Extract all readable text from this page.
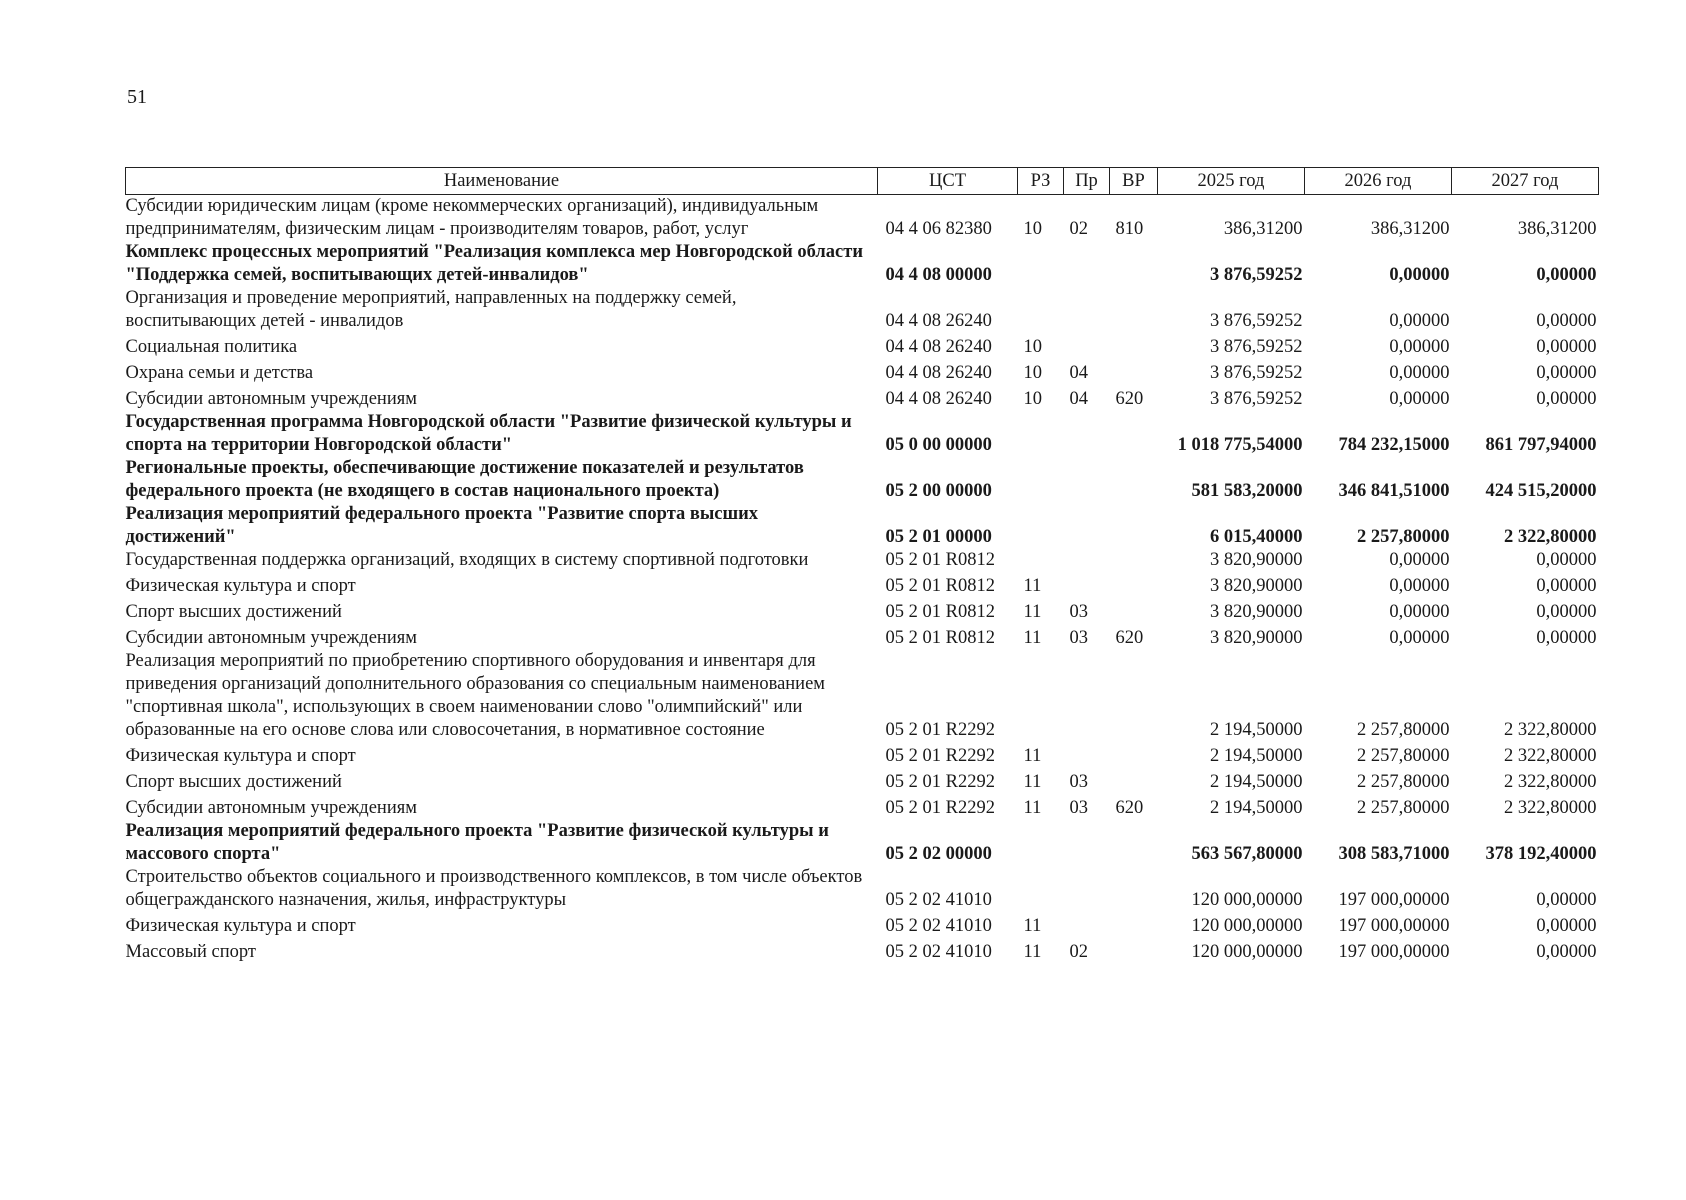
51
Наименование	ЦСТ	РЗ	Пр	ВР	2025 год	2026 год	2027 год
Субсидии юридическим лицам (кроме некоммерческих организаций), индивидуальным предпринимателям, физическим лицам - производителям товаров, работ, услуг	04 4 06 82380	10	02	810	386,31200	386,31200	386,31200
Комплекс процессных мероприятий "Реализация комплекса мер Новгородской области "Поддержка семей, воспитывающих детей-инвалидов"	04 4 08 00000				3 876,59252	0,00000	0,00000
Организация и проведение мероприятий, направленных на поддержку семей, воспитывающих детей - инвалидов	04 4 08 26240				3 876,59252	0,00000	0,00000
Социальная политика	04 4 08 26240	10			3 876,59252	0,00000	0,00000
Охрана семьи и детства	04 4 08 26240	10	04		3 876,59252	0,00000	0,00000
Субсидии автономным учреждениям	04 4 08 26240	10	04	620	3 876,59252	0,00000	0,00000
Государственная программа Новгородской области "Развитие физической культуры и спорта на территории Новгородской области"	05 0 00 00000				1 018 775,54000	784 232,15000	861 797,94000
Региональные проекты, обеспечивающие достижение показателей и результатов федерального проекта (не входящего в состав национального проекта)	05 2 00 00000				581 583,20000	346 841,51000	424 515,20000
Реализация мероприятий федерального проекта "Развитие спорта высших достижений"	05 2 01 00000				6 015,40000	2 257,80000	2 322,80000
Государственная поддержка организаций, входящих в систему спортивной подготовки	05 2 01 R0812				3 820,90000	0,00000	0,00000
Физическая культура и спорт	05 2 01 R0812	11			3 820,90000	0,00000	0,00000
Спорт высших достижений	05 2 01 R0812	11	03		3 820,90000	0,00000	0,00000
Субсидии автономным учреждениям	05 2 01 R0812	11	03	620	3 820,90000	0,00000	0,00000
Реализация мероприятий по приобретению спортивного оборудования и инвентаря для приведения организаций дополнительного образования со специальным наименованием "спортивная школа", использующих в своем наименовании слово "олимпийский" или образованные на его основе слова или словосочетания, в нормативное состояние	05 2 01 R2292				2 194,50000	2 257,80000	2 322,80000
Физическая культура и спорт	05 2 01 R2292	11			2 194,50000	2 257,80000	2 322,80000
Спорт высших достижений	05 2 01 R2292	11	03		2 194,50000	2 257,80000	2 322,80000
Субсидии автономным учреждениям	05 2 01 R2292	11	03	620	2 194,50000	2 257,80000	2 322,80000
Реализация мероприятий федерального проекта "Развитие физической культуры и массового спорта"	05 2 02 00000				563 567,80000	308 583,71000	378 192,40000
Строительство объектов социального и производственного комплексов, в том числе объектов общегражданского назначения, жилья, инфраструктуры	05 2 02 41010				120 000,00000	197 000,00000	0,00000
Физическая культура и спорт	05 2 02 41010	11			120 000,00000	197 000,00000	0,00000
Массовый спорт	05 2 02 41010	11	02		120 000,00000	197 000,00000	0,00000
